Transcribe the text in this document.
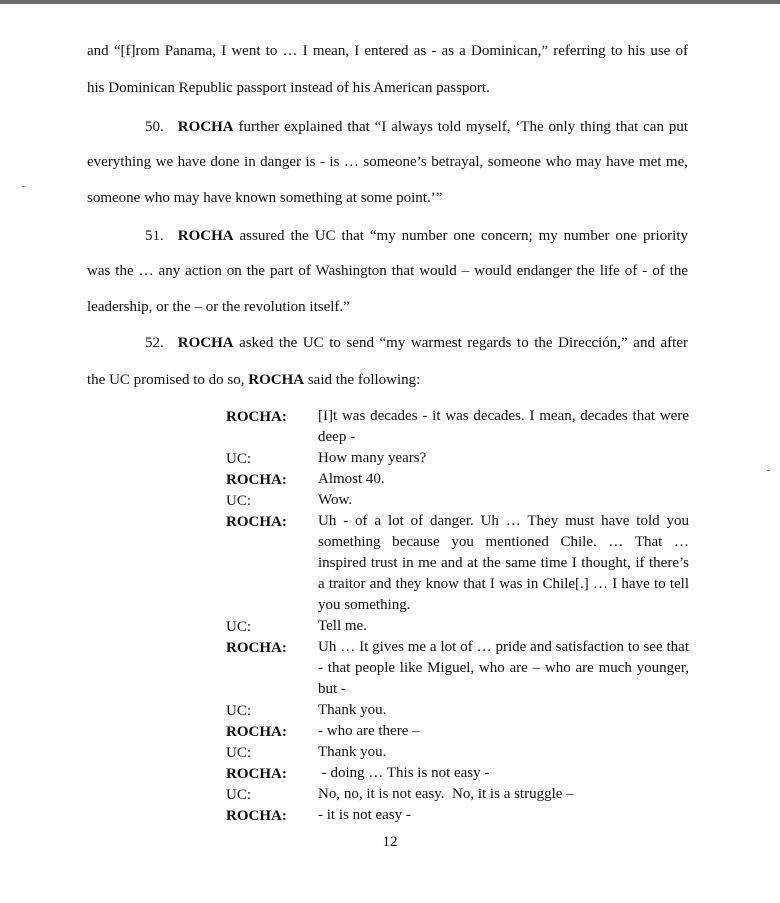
and “[f]rom Panama, I went to … I mean, I entered as - as a Dominican,” referring to his use of
his Dominican Republic passport instead of his American passport.
50. ROCHA further explained that “I always told myself, ‘The only thing that can put
everything we have done in danger is - is … someone’s betrayal, someone who may have met me,
someone who may have known something at some point.’”
51. ROCHA assured the UC that “my number one concern; my number one priority
was the … any action on the part of Washington that would – would endanger the life of - of the
leadership, or the – or the revolution itself.”
52. ROCHA asked the UC to send “my warmest regards to the Dirección,” and after
the UC promised to do so, ROCHA said the following:
ROCHA: [I]t was decades - it was decades. I mean, decades that were
deep -
UC:	How many years?
ROCHA: Almost 40.
UC:	Wow.
ROCHA: Uh - of a lot of danger. Uh … They must have told you
something because you mentioned Chile. … That …
inspired trust in me and at the same time I thought, if there’s
a traitor and they know that I was in Chile[.] … I have to tell
you something.
UC:	Tell me.
ROCHA: Uh … It gives me a lot of … pride and satisfaction to see that
- that people like Miguel, who are – who are much younger,
but -
UC:	Thank you.
ROCHA: - who are there –
UC:	Thank you.
ROCHA: - doing … This is not easy -
UC:	No, no, it is not easy.  No, it is a struggle –
ROCHA: - it is not easy -
12
